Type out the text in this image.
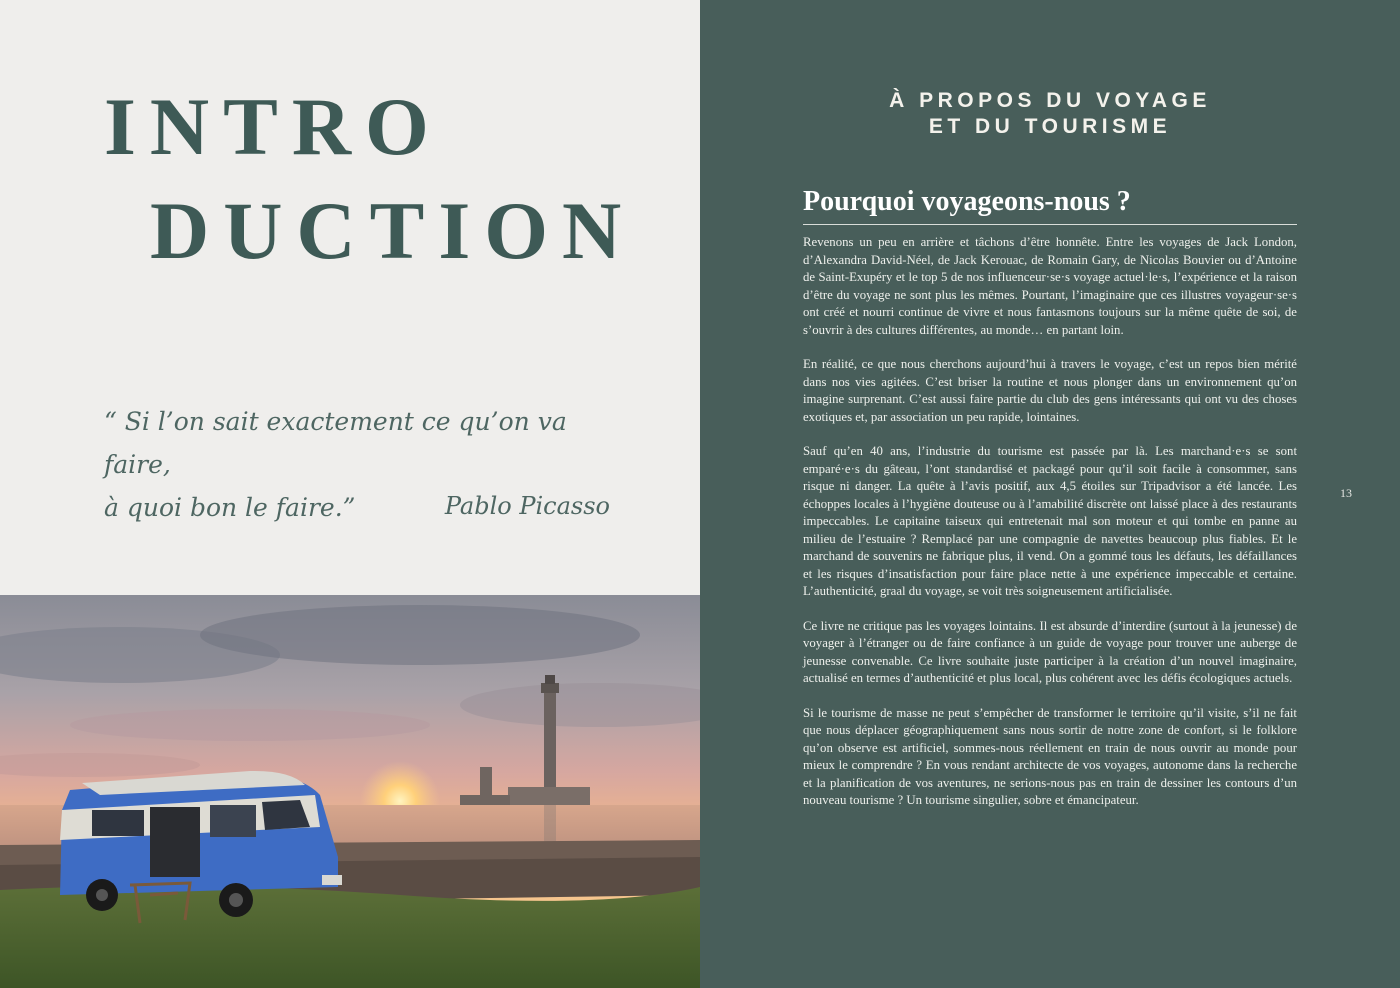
INTRO
DUCTION

“ Si l’on sait exactement ce qu’on va faire,
à quoi bon le faire.”	Pablo Picasso
À PROPOS DU VOYAGE
ET DU TOURISME
Pourquoi voyageons-nous ?

Revenons un peu en arrière et tâchons d’être honnête. Entre les voyages de Jack London, d’Alexandra David-Néel, de Jack Kerouac, de Romain Gary, de Nicolas Bouvier ou d’Antoine de Saint-Exupéry et le top 5 de nos influenceur·se·s voyage actuel·le·s, l’expérience et la raison d’être du voyage ne sont plus les mêmes. Pourtant, l’imaginaire que ces illustres voyageur·se·s ont créé et nourri continue de vivre et nous fantasmons toujours sur la même quête de soi, de s’ouvrir à des cultures différentes, au monde… en partant loin.

En réalité, ce que nous cherchons aujourd’hui à travers le voyage, c’est un repos bien mérité dans nos vies agitées. C’est briser la routine et nous plonger dans un environnement qu’on imagine surprenant. C’est aussi faire partie du club des gens intéressants qui ont vu des choses exotiques et, par association un peu rapide, lointaines.

Sauf qu’en 40 ans, l’industrie du tourisme est passée par là. Les marchand·e·s se sont emparé·e·s du gâteau, l’ont standardisé et packagé pour qu’il soit facile à consommer, sans risque ni danger. La quête à l’avis positif, aux 4,5 étoiles sur Tripadvisor a été lancée. Les échoppes locales à l’hygiène douteuse ou à l’amabilité discrète ont laissé place à des restaurants impeccables. Le capitaine taiseux qui entretenait mal son moteur et qui tombe en panne au milieu de l’estuaire ? Remplacé par une compagnie de navettes beaucoup plus fiables. Et le marchand de souvenirs ne fabrique plus, il vend. On a gommé tous les défauts, les défaillances et les risques d’insatisfaction pour faire place nette à une expérience impeccable et certaine. L’authenticité, graal du voyage, se voit très soigneusement artificialisée.

Ce livre ne critique pas les voyages lointains. Il est absurde d’interdire (surtout à la jeunesse) de voyager à l’étranger ou de faire confiance à un guide de voyage pour trouver une auberge de jeunesse convenable. Ce livre souhaite juste participer à la création d’un nouvel imaginaire, actualisé en termes d’authenticité et plus local, plus cohérent avec les défis écologiques actuels.

Si le tourisme de masse ne peut s’empêcher de transformer le territoire qu’il visite, s’il ne fait que nous déplacer géographiquement sans nous sortir de notre zone de confort, si le folklore qu’on observe est artificiel, sommes-nous réellement en train de nous ouvrir au monde pour mieux le comprendre ? En vous rendant architecte de vos voyages, autonome dans la recherche et la planification de vos aventures, ne serions-nous pas en train de dessiner les contours d’un nouveau tourisme ? Un tourisme singulier, sobre et émancipateur.

13
